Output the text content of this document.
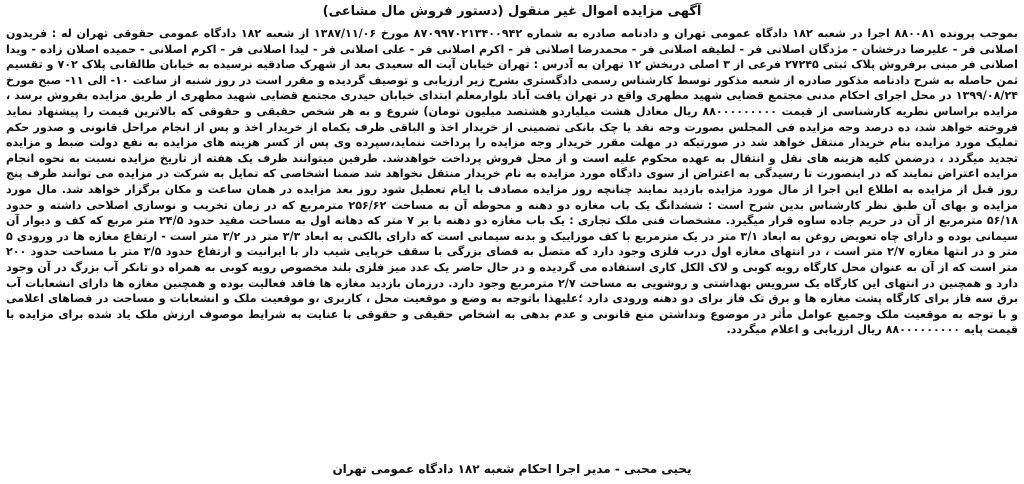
آگهی مزایده اموال غیر منقول (دستور فروش مال مشاعی)

بموجب پرونده ۸۸۰۰۸۱ اجرا در شعبه ۱۸۲ دادگاه عمومی تهران و دادنامه صادره به شماره ۸۷۰۹۹۷۰۲۱۳۴۰۰۹۴۲ مورخ ۱۳۸۷/۱۱/۰۶ از شعبه ۱۸۲ دادگاه عمومی حقوقی تهران له : فریدون اصلانی فر - علیرضا درخشان - مژدگان اصلانی فر - لطیفه اصلانی فر - محمدرضا اصلانی فر - اکرم اصلانی فر - علی اصلانی فر - لیدا اصلانی فر - اکرم اصلانی - حمیده اصلان زاده - ویدا اصلانی فر مبنی برفروش پلاک ثبتی ۲۷۲۴۵ فرعی از ۳ اصلی دربخش ۱۲ تهران به آدرس : تهران خیابان آیت اله سعیدی بعد از شهرک صادقیه نرسیده به خیابان طالقانی پلاک ۷۰۲ و تقسیم ثمن حاصله به شرح دادنامه مذکور صادره از شعبه مذکور توسط کارشناس رسمی دادگستری بشرح زیر ارزیابی و توصیف گردیده و مقرر است در روز شنبه از ساعت ۱۰- الی ۱۱- صبح مورخ ۱۳۹۹/۰۸/۲۴ در محل اجرای احکام مدنی مجتمع قضایی شهید مطهری واقع در تهران یافت آباد بلوارمعلم ابتدای خیابان حیدری مجتمع قضایی شهید مطهری از طریق مزایده بفروش برسد ، مزایده براساس نظریه کارشناسی از قیمت ۸۸۰۰۰۰۰۰۰۰۰ ریال معادل هشت میلیاردو هشتصد میلیون تومان) شروع و به هر شخص حقیقی و حقوقی که بالاترین قیمت را پیشنهاد نماید فروخته خواهد شد، ده درصد وجه مزایده فی المجلس بصورت وجه نقد یا چک بانکی تضمینی از خریدار اخذ و الباقی ظرف یکماه از خریدار اخذ و پس از انجام مراحل قانونی و صدور حکم تملیک مورد مزایده بنام خریدار منتقل خواهد شد در صورتیکه در مهلت مقرر خریدار وجه مزایده را پرداخت ننماید،سپرده وی پس از کسر هزینه های مزایده به نفع دولت ضبط و مزایده تجدید میگردد ، درضمن کلیه هزینه های نقل و انتقال به عهده محکوم علیه است و از محل فروش پرداخت خواهدشد. طرفین میتوانند ظرف یک هفته از تاریخ مزایده نسبت به نحوه انجام مزایده اعتراض نمایند که در اینصورت تا رسیدگی به اعتراض از سوی دادگاه مورد مزایده به نام خریدار منتقل نخواهد شد ضمنا اشخاصی که تمایل به شرکت در مزایده می توانند ظرف پنج روز قبل از مزایده به اطلاع این اجرا از مال مورد مزایده بازدید نمایند چنانچه روز مزایده مصادف با ایام تعطیل شود روز بعد مزایده در همان ساعت و مکان برگزار خواهد شد. مال مورد مزایده و بهای آن طبق نظر کارشناس بدین شرح است : ششدانگ یک باب مغازه دو دهنه و محوطه آن به مساحت ۲۵۶/۶۲ مترمربع که در زمان تخریب و نوسازی اصلاحی داشته و حدود ۵۶/۱۸ مترمربع از آن در حریم جاده ساوه قرار میگیرد. مشخصات فنی ملک تجاری : یک باب مغازه دو دهنه با بر ۷ متر که دهانه اول به مساحت مفید حدود ۲۴/۵ متر مربع که کف و دیوار آن سیمانی بوده و دارای چاه تعویض روغن به ابعاد ۳/۱ متر در یک مترمربع با کف موزاییک و بدنه سیمانی است که دارای بالکنی به ابعاد ۳/۳ متر در ۳/۲ متر است - ارتفاع مغازه ها در ورودی ۵ متر و در انتها مغازه ۲/۷ متر است ، در انتهای مغازه اول درب فلزی وجود دارد که متصل به فضای بزرگی با سقف خرپایی شیب دار با ایرانیت و ارتفاع حدود ۳/۵ متر با مساحت حدود ۲۰۰ متر است که از آن به عنوان محل کارگاه رویه کوبی و لاک الکل کاری استفاده می گردیده و در حال حاضر یک عدد میز فلزی بلند مخصوص رویه کوبی به همراه دو تانکر آب بزرگ در آن وجود دارد و همچنین در انتهای این کارگاه یک سرویس بهداشتی و روشویی به مساحت ۲/۷ مترمربع وجود دارد. درزمان بازدید مغازه ها فاقد فعالیت بوده و همچنین مغازه ها دارای انشعابات آب برق سه فاز برای کارگاه پشت مغازه ها و برق تک فاز برای دو دهنه ورودی دارد ؛علیهذا باتوجه به وضع و موقعیت محل ، کاربری ،و موقعیت ملک و انشعابات و مساحت در فضاهای اعلامی و با توجه به موقعیت ملک وجمیع عوامل مأثر در موضوع ونداشتن منع قانونی و عدم بدهی به اشخاص حقیقی و حقوقی با عنایت به شرایط موصوف ارزش ملک یاد شده برای مزایده با قیمت پایه ۸۸۰۰۰۰۰۰۰۰۰ ریال ارزیابی و اعلام میگردد.

یحیی محبی - مدیر اجرا احکام شعبه ۱۸۲ دادگاه عمومی تهران
